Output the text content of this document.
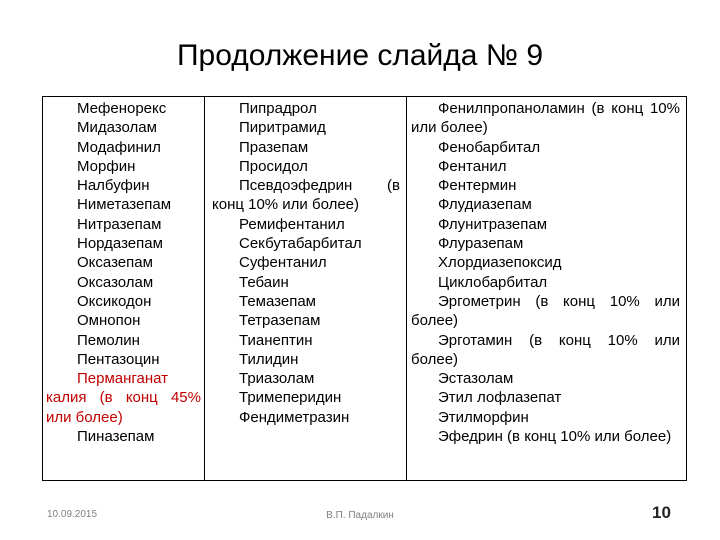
Продолжение слайда № 9
Мефенорекс
Мидазолам
Модафинил
Морфин
Налбуфин
Ниметазепам
Нитразепам
Нордазепам
Оксазепам
Оксазолам
Оксикодон
Омнопон
Пемолин
Пентазоцин
Перманганат калия (в конц 45% или более)
Пиназепам
Пипрадрол
Пиритрамид
Празепам
Просидол
Псевдоэфедрин (в конц 10% или более)
Ремифентанил
Секбутабарбитал
Суфентанил
Тебаин
Темазепам
Тетразепам
Тианептин
Тилидин
Триазолам
Тримеперидин
Фендиметразин
Фенилпропаноламин (в конц 10% или более)
Фенобарбитал
Фентанил
Фентермин
Флудиазепам
Флунитразепам
Флуразепам
Хлордиазепоксид
Циклобарбитал
Эргометрин (в конц 10% или более)
Эрготамин (в конц 10% или более)
Эстазолам
Этил лофлазепат
Этилморфин
Эфедрин (в конц 10% или более)
10.09.2015	В.П. Падалкин	10
